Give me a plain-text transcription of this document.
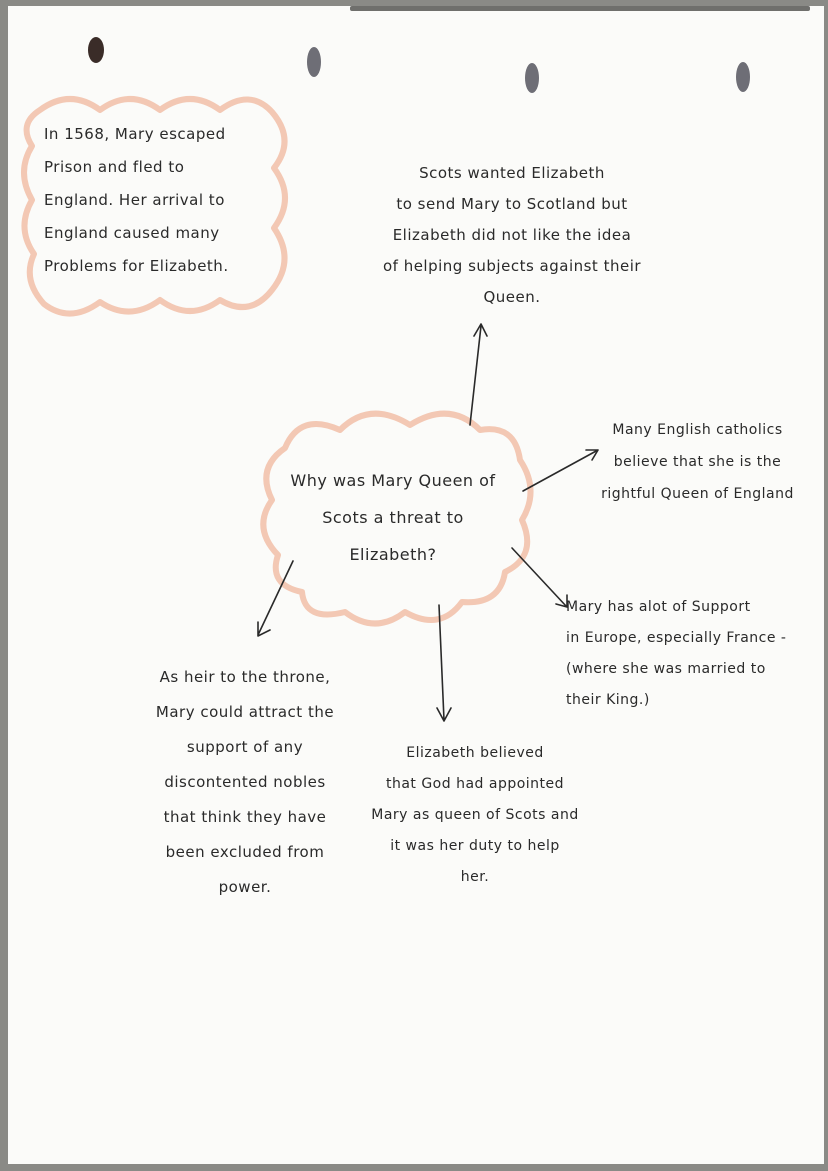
In 1568, Mary escaped
Prison and fled to
England. Her arrival to
England caused many
Problems for Elizabeth.
Why was Mary Queen of
Scots a threat to
Elizabeth?
Scots wanted Elizabeth
to send Mary to Scotland but
Elizabeth did not like the idea
of helping subjects against their
Queen.
Many English catholics
believe that she is the
rightful Queen of England
Mary has alot of Support
in Europe, especially France -
(where she was married to
their King.)
Elizabeth believed
that God had appointed
Mary as queen of Scots and
it was her duty to help
her.
As heir to the throne,
Mary could attract the
support of any
discontented nobles
that think they have
been excluded from
power.
